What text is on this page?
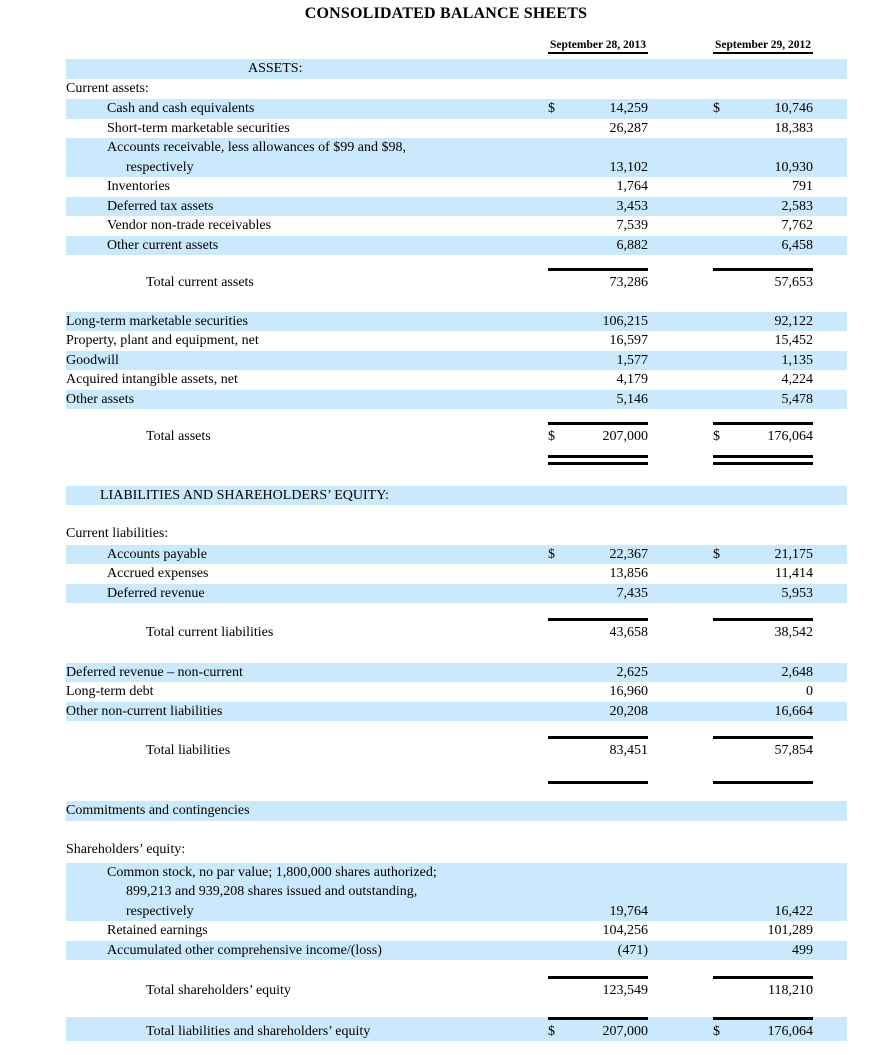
CONSOLIDATED BALANCE SHEETS
September 28, 2013	September 29, 2012
ASSETS:
Current assets:
Cash and cash equivalents	$	14,259	$	10,746
Short-term marketable securities	26,287	18,383
Accounts receivable, less allowances of $99 and $98,
respectively	13,102	10,930
Inventories	1,764	791
Deferred tax assets	3,453	2,583
Vendor non-trade receivables	7,539	7,762
Other current assets	6,882	6,458
Total current assets	73,286	57,653
Long-term marketable securities	106,215	92,122
Property, plant and equipment, net	16,597	15,452
Goodwill	1,577	1,135
Acquired intangible assets, net	4,179	4,224
Other assets	5,146	5,478
Total assets	$	207,000	$	176,064
LIABILITIES AND SHAREHOLDERS’ EQUITY:
Current liabilities:
Accounts payable	$	22,367	$	21,175
Accrued expenses	13,856	11,414
Deferred revenue	7,435	5,953
Total current liabilities	43,658	38,542
Deferred revenue – non-current	2,625	2,648
Long-term debt	16,960	0
Other non-current liabilities	20,208	16,664
Total liabilities	83,451	57,854
Commitments and contingencies
Shareholders’ equity:
Common stock, no par value; 1,800,000 shares authorized;
899,213 and 939,208 shares issued and outstanding,
respectively	19,764	16,422
Retained earnings	104,256	101,289
Accumulated other comprehensive income/(loss)	(471)	499
Total shareholders’ equity	123,549	118,210
Total liabilities and shareholders’ equity	$	207,000	$	176,064
